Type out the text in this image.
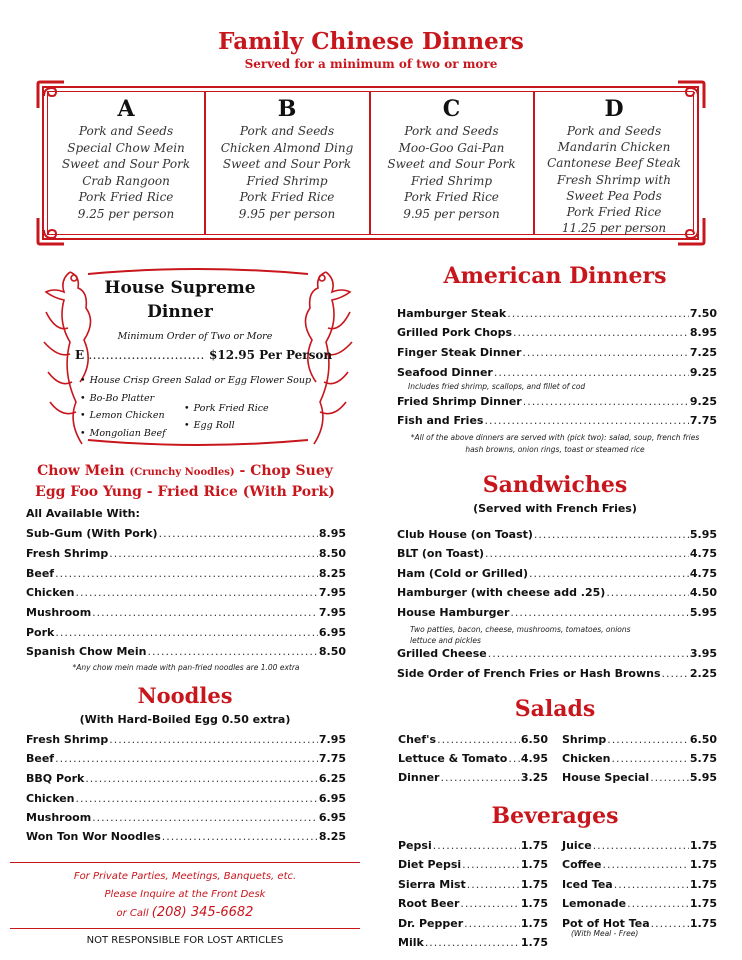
Family Chinese Dinners
Served for a minimum of two or more
A
Pork and Seeds
Special Chow Mein
Sweet and Sour Pork
Crab Rangoon
Pork Fried Rice
9.25 per person
B
Pork and Seeds
Chicken Almond Ding
Sweet and Sour Pork
Fried Shrimp
Pork Fried Rice
9.95 per person
C
Pork and Seeds
Moo-Goo Gai-Pan
Sweet and Sour Pork
Fried Shrimp
Pork Fried Rice
9.95 per person
D
Pork and Seeds
Mandarin Chicken
Cantonese Beef Steak
Fresh Shrimp with
Sweet Pea Pods
Pork Fried Rice
11.25 per person
House Supreme
Dinner
Minimum Order of Two or More
E ........................... $12.95 Per Person
• House Crisp Green Salad or Egg Flower Soup
• Bo-Bo Platter
• Lemon Chicken
• Mongolian Beef
• Pork Fried Rice
• Egg Roll
Chow Mein (Crunchy Noodles) - Chop Suey
Egg Foo Yung - Fried Rice (With Pork)
All Available With:
Sub-Gum (With Pork) .....	8.95
Fresh Shrimp .....	8.50
Beef .....	8.25
Chicken .....	7.95
Mushroom .....	7.95
Pork .....	6.95
Spanish Chow Mein .....	8.50
*Any chow mein made with pan-fried noodles are 1.00 extra
Noodles
(With Hard-Boiled Egg 0.50 extra)
Fresh Shrimp .....	7.95
Beef .....	7.75
BBQ Pork .....	6.25
Chicken .....	6.95
Mushroom .....	6.95
Won Ton Wor Noodles .....	8.25
For Private Parties, Meetings, Banquets, etc.
Please Inquire at the Front Desk
or Call (208) 345-6682
NOT RESPONSIBLE FOR LOST ARTICLES
American Dinners
Hamburger Steak .....	7.50
Grilled Pork Chops .....	8.95
Finger Steak Dinner .....	7.25
Seafood Dinner .....	9.25
Includes fried shrimp, scallops, and fillet of cod
Fried Shrimp Dinner .....	9.25
Fish and Fries .....	7.75
*All of the above dinners are served with (pick two): salad, soup, french fries
hash browns, onion rings, toast or steamed rice
Sandwiches
(Served with French Fries)
Club House (on Toast) .....	5.95
BLT (on Toast) .....	4.75
Ham (Cold or Grilled) .....	4.75
Hamburger (with cheese add .25) .....	4.50
House Hamburger .....	5.95
Two patties, bacon, cheese, mushrooms, tomatoes, onions
lettuce and pickles
Grilled Cheese .....	3.95
Side Order of French Fries or Hash Browns .....	2.25
Salads
Chef's .....	6.50
Lettuce & Tomato ..... 4.95
Dinner .....	3.25
Shrimp .....	6.50
Chicken .....	5.75
House Special .....	5.95
Beverages
Pepsi .....	1.75
Diet Pepsi .....	1.75
Sierra Mist .....	1.75
Root Beer .....	1.75
Dr. Pepper .....	1.75
Milk .....	1.75
Juice .....	1.75
Coffee .....	1.75
Iced Tea .....	1.75
Lemonade .....	1.75
Pot of Hot Tea .....	1.75
(With Meal - Free)
